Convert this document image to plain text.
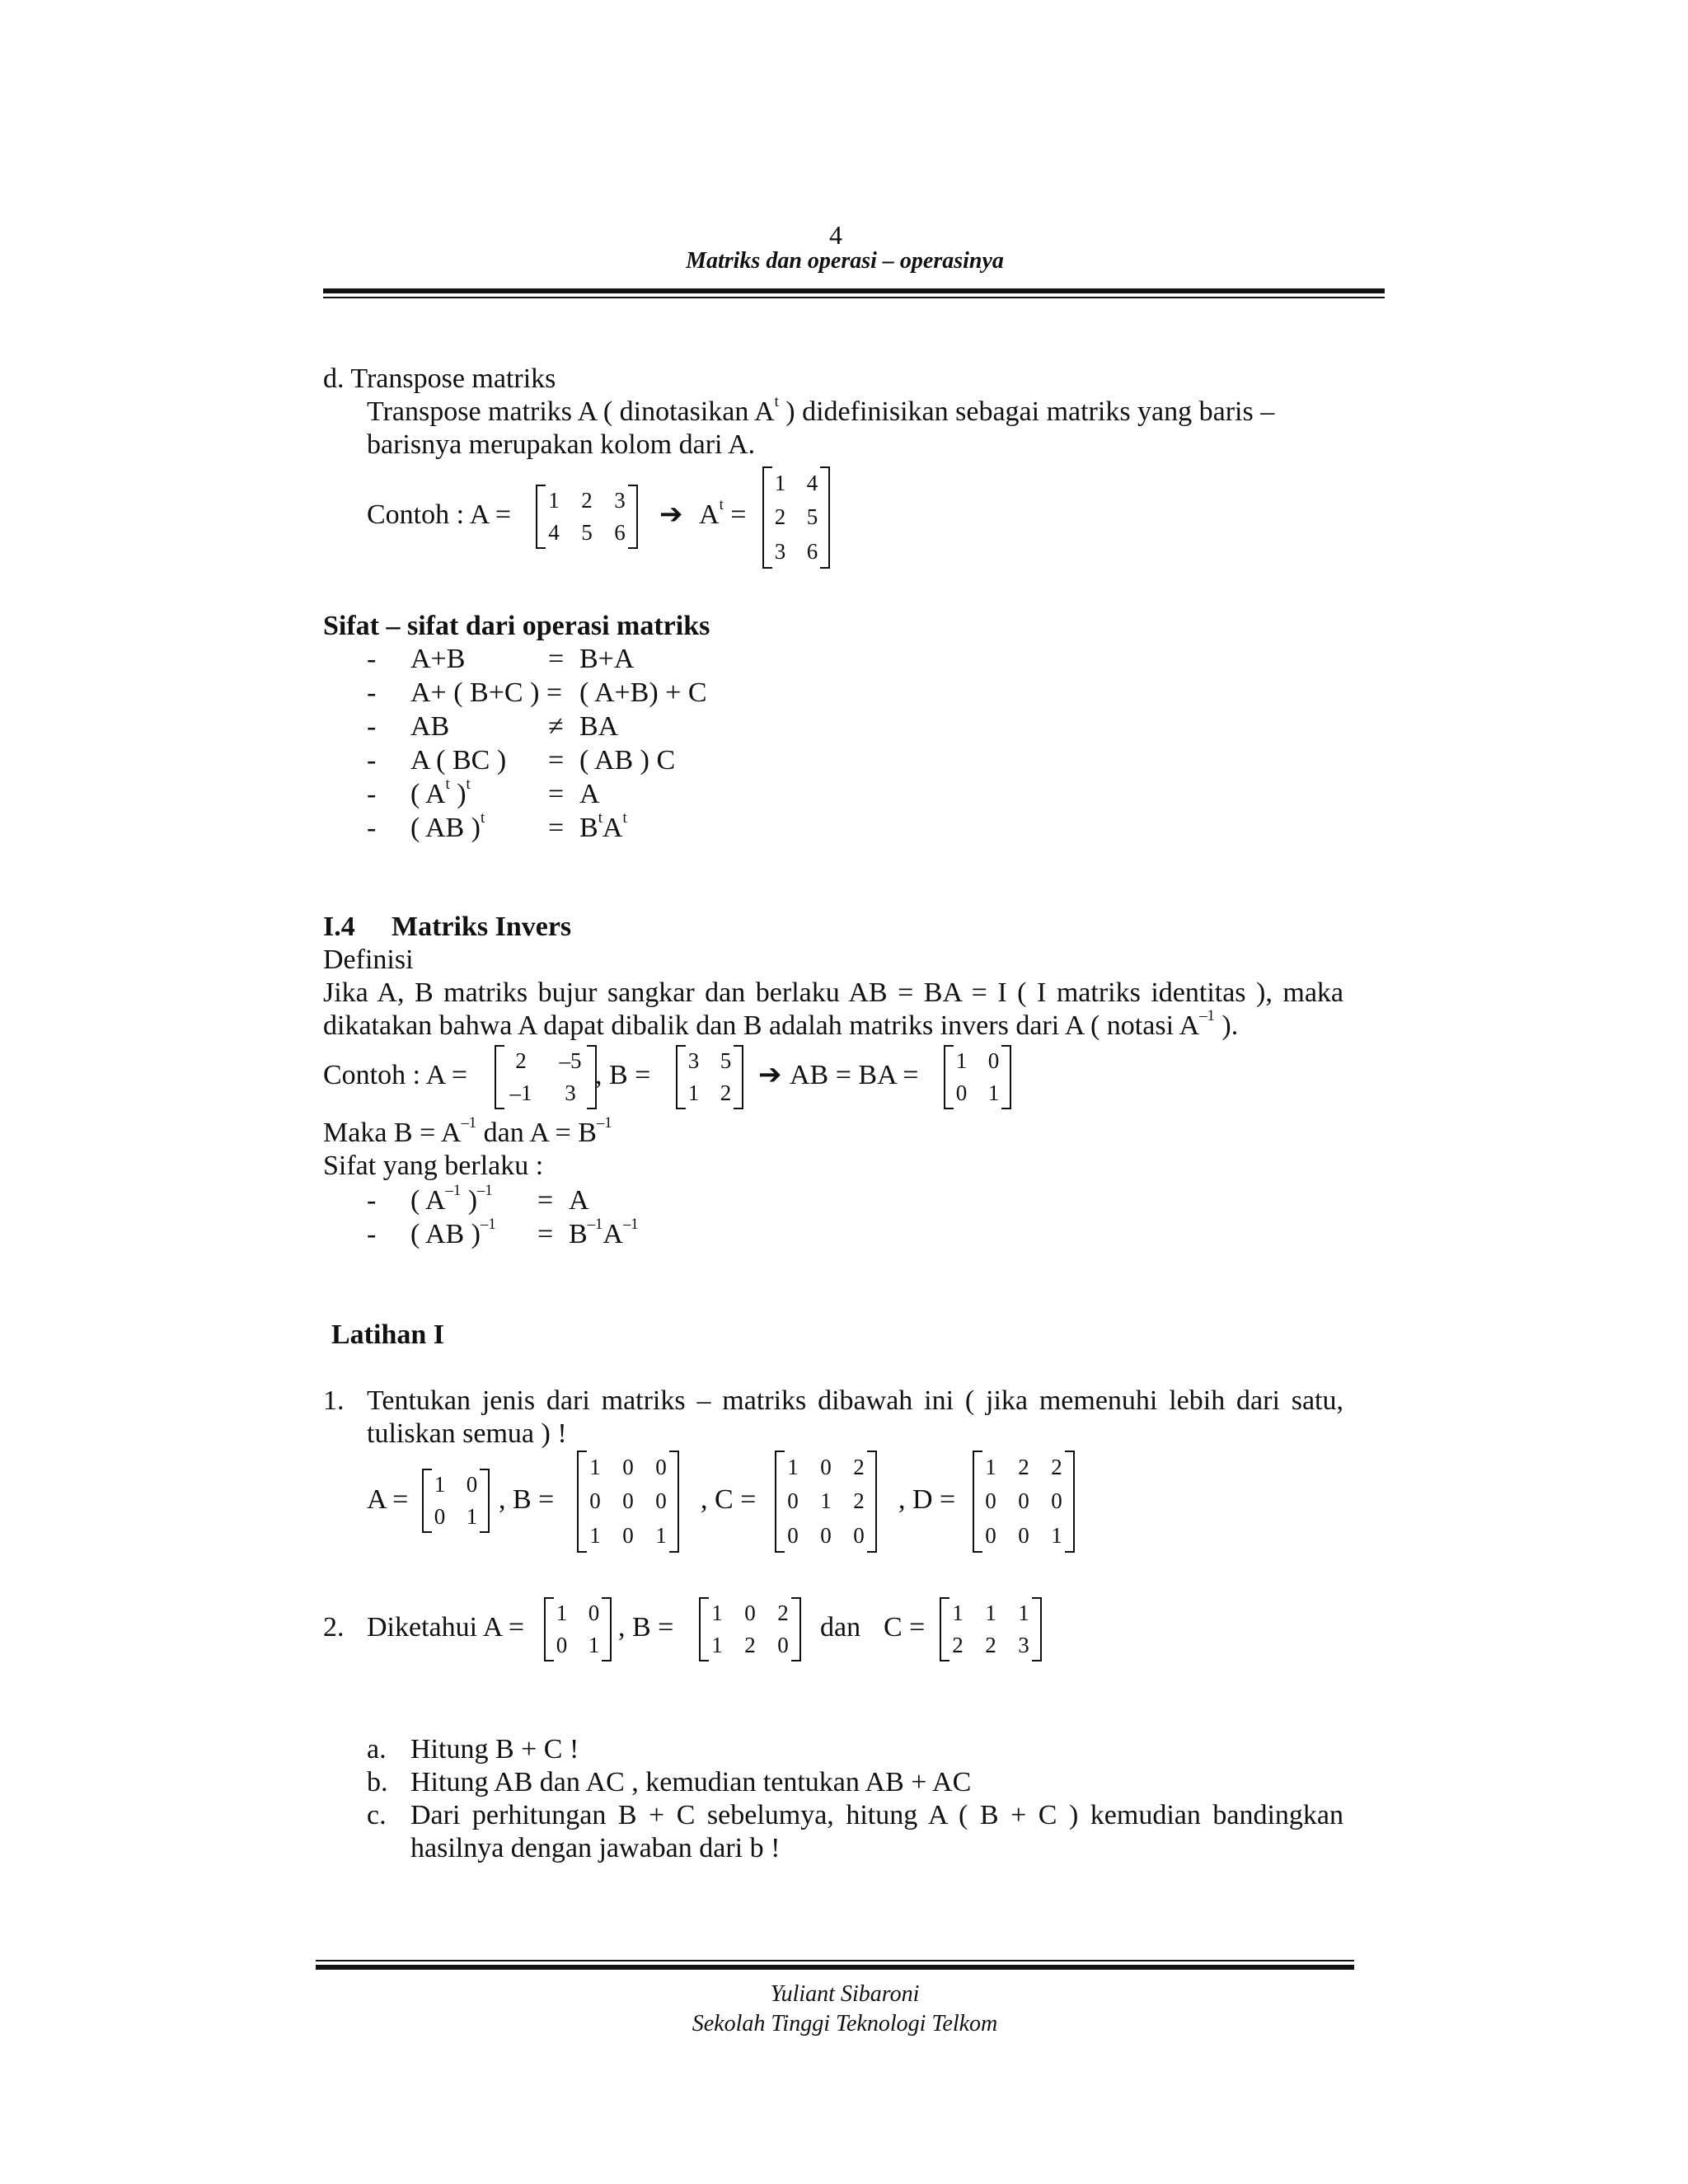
4
Matriks dan operasi – operasinya
d. Transpose matriks
Transpose matriks A ( dinotasikan $A^t$ ) didefinisikan sebagai matriks yang baris –
barisnya merupakan kolom dari A.
Contoh : A = 1 2 3
4 5 6
➔ $A^t$ =
1 4
2 5
3 6
Sifat – sifat dari operasi matriks
- A+B	= B+A
- A+ ( B+C ) = ( A+B) + C
- AB	≠ BA
- A ( BC ) = ( AB ) C
- ( $A^t$ )$^t$	= A
- ( AB )$^t = B^tA^t$
I.4 Matriks Invers
Definisi
Jika A, B matriks bujur sangkar dan berlaku AB = BA = I ( I matriks identitas ), maka
dikatakan bahwa A dapat dibalik dan B adalah matriks invers dari A ( notasi $A^{-1}$ ).
Contoh : A = 2 –5
–1 3
, B = 3 5
1 2
➔ AB = BA = 1 0
0 1
Maka $B = A^{-1}$ dan $A = B^{-1}$
Sifat yang berlaku :
- ( $A^{-1}$ )$^{-1}$ = A
- ( AB )$^{-1} = B^{-1}A^{-1}$
Latihan I
1. Tentukan jenis dari matriks – matriks dibawah ini ( jika memenuhi lebih dari satu,
tuliskan semua ) !
A = 1 0
0 1
, B =
1 0 0
0 0 0
1 0 1
, C =
1 0 2
0 1 2
0 0 0
, D =
1 2 2
0 0 0
0 0 1
2. Diketahui A = 1 0
0 1
, B = 1 0 2
1 2 0
dan C = 1 1 1
2 2 3
a. Hitung B + C !
b. Hitung AB dan AC , kemudian tentukan AB + AC
c. Dari perhitungan B + C sebelumya, hitung A ( B + C ) kemudian bandingkan
hasilnya dengan jawaban dari b !
Yuliant Sibaroni
Sekolah Tinggi Teknologi Telkom
